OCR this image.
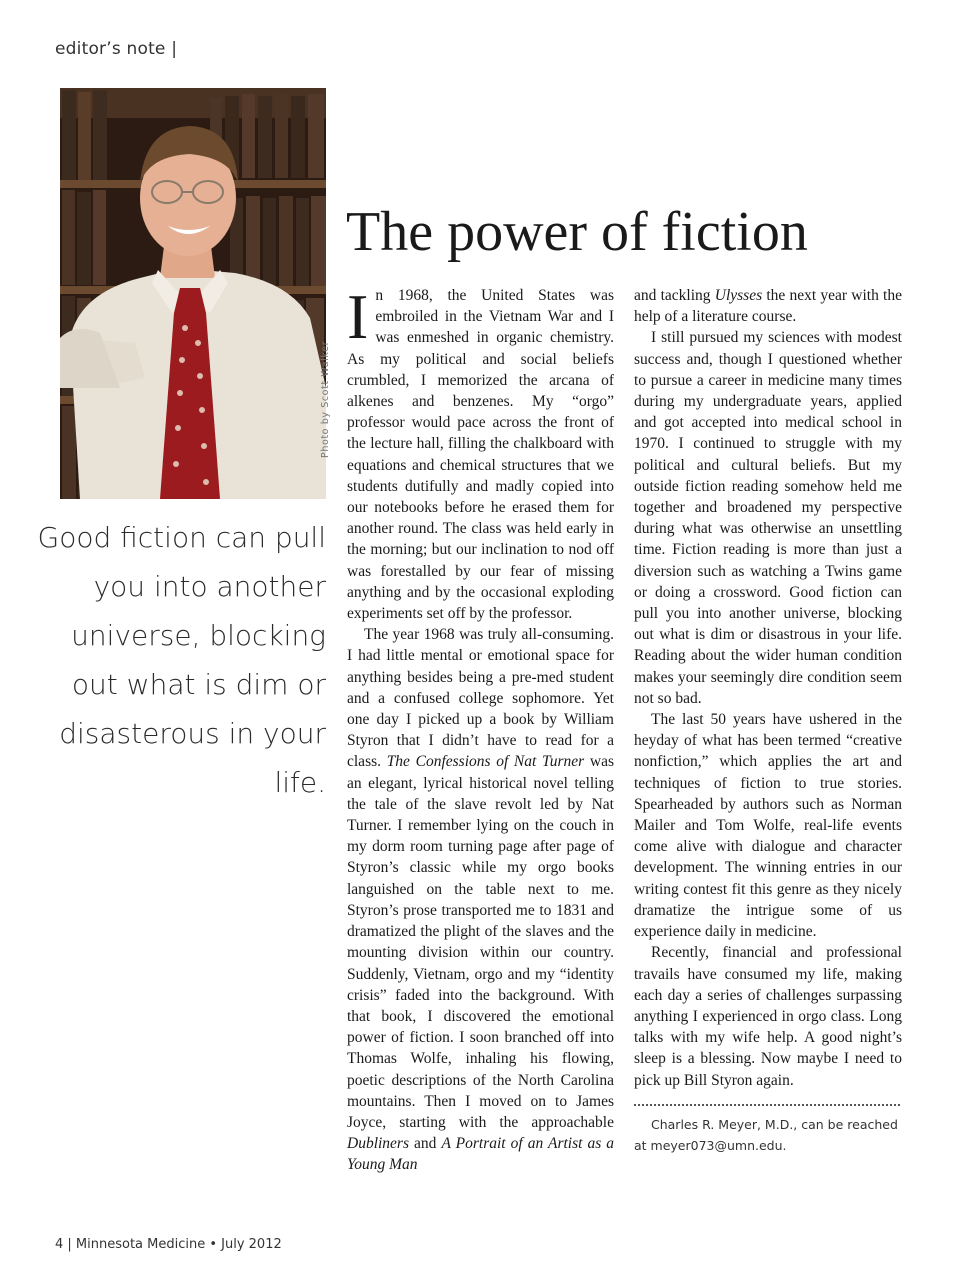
editor’s note |
Photo by Scott Walker

Good fiction can pull you into another universe, blocking out what is dim or disasterous in your life.

The power of fiction

In 1968, the United States was embroiled in the Vietnam War and I was enmeshed in organic chemistry. As my political and social beliefs crumbled, I memorized the arcana of alkenes and benzenes. My “orgo” professor would pace across the front of the lecture hall, filling the chalkboard with equations and chemical structures that we students dutifully and madly copied into our notebooks before he erased them for another round. The class was held early in the morning; but our inclination to nod off was forestalled by our fear of missing anything and by the occasional exploding experiments set off by the professor.

The year 1968 was truly all-consuming. I had little mental or emotional space for anything besides being a pre-med student and a confused college sophomore. Yet one day I picked up a book by William Styron that I didn’t have to read for a class. The Confessions of Nat Turner was an elegant, lyrical historical novel telling the tale of the slave revolt led by Nat Turner. I remember lying on the couch in my dorm room turning page after page of Styron’s classic while my orgo books languished on the table next to me. Styron’s prose transported me to 1831 and dramatized the plight of the slaves and the mounting division within our country. Suddenly, Vietnam, orgo and my “identity crisis” faded into the background. With that book, I discovered the emotional power of fiction. I soon branched off into Thomas Wolfe, inhaling his flowing, poetic descriptions of the North Carolina mountains. Then I moved on to James Joyce, starting with the approachable Dubliners and A Portrait of an Artist as a Young Man

and tackling Ulysses the next year with the help of a literature course.

I still pursued my sciences with modest success and, though I questioned whether to pursue a career in medicine many times during my undergraduate years, applied and got accepted into medical school in 1970. I continued to struggle with my political and cultural beliefs. But my outside fiction reading somehow held me together and broadened my perspective during what was otherwise an unsettling time. Fiction reading is more than just a diversion such as watching a Twins game or doing a crossword. Good fiction can pull you into another universe, blocking out what is dim or disastrous in your life. Reading about the wider human condition makes your seemingly dire condition seem not so bad.

The last 50 years have ushered in the heyday of what has been termed “creative nonfiction,” which applies the art and techniques of fiction to true stories. Spearheaded by authors such as Norman Mailer and Tom Wolfe, real-life events come alive with dialogue and character development. The winning entries in our writing contest fit this genre as they nicely dramatize the intrigue some of us experience daily in medicine.

Recently, financial and professional travails have consumed my life, making each day a series of challenges surpassing anything I experienced in orgo class. Long talks with my wife help. A good night’s sleep is a blessing. Now maybe I need to pick up Bill Styron again.

Charles R. Meyer, M.D., can be reached at meyer073@umn.edu.

4 | Minnesota Medicine • July 2012
